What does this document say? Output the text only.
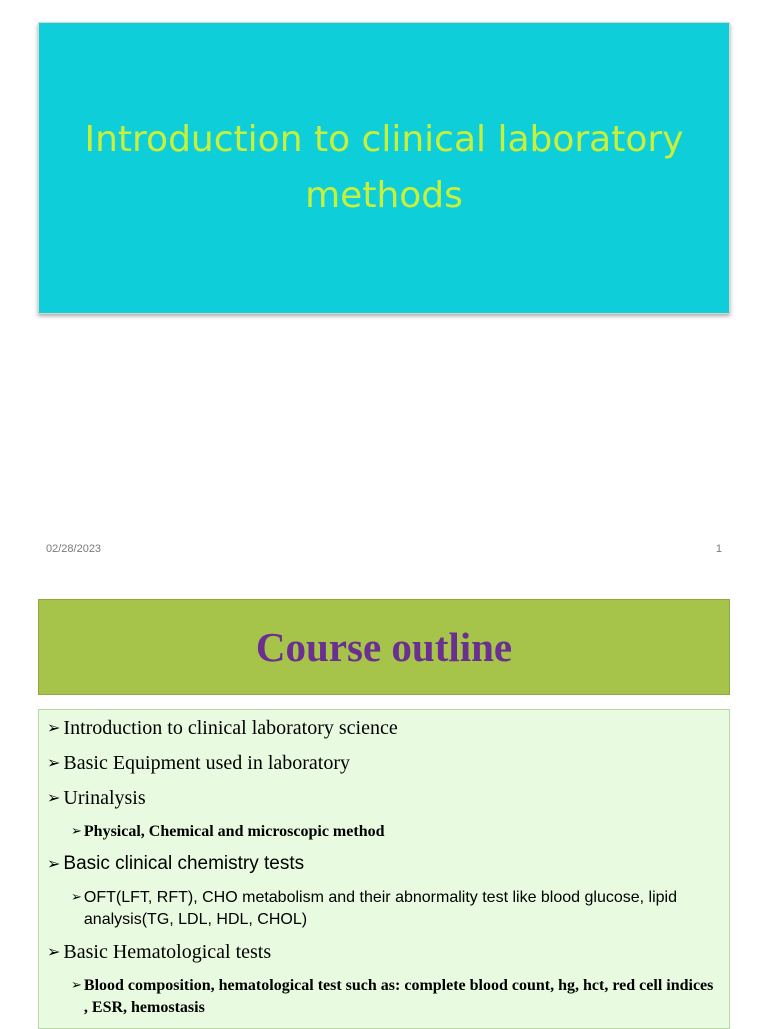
Introduction to clinical laboratory methods
02/28/2023	1
Course outline
➢ Introduction to clinical laboratory science
➢ Basic Equipment used in laboratory
➢ Urinalysis
➢ Physical, Chemical and microscopic method
➢ Basic clinical chemistry tests
➢ OFT(LFT, RFT), CHO metabolism and their abnormality test like blood glucose, lipid analysis(TG, LDL, HDL, CHOL)
➢ Basic Hematological tests
➢ Blood composition, hematological test such as: complete blood count, hg, hct, red cell indices , ESR, hemostasis
